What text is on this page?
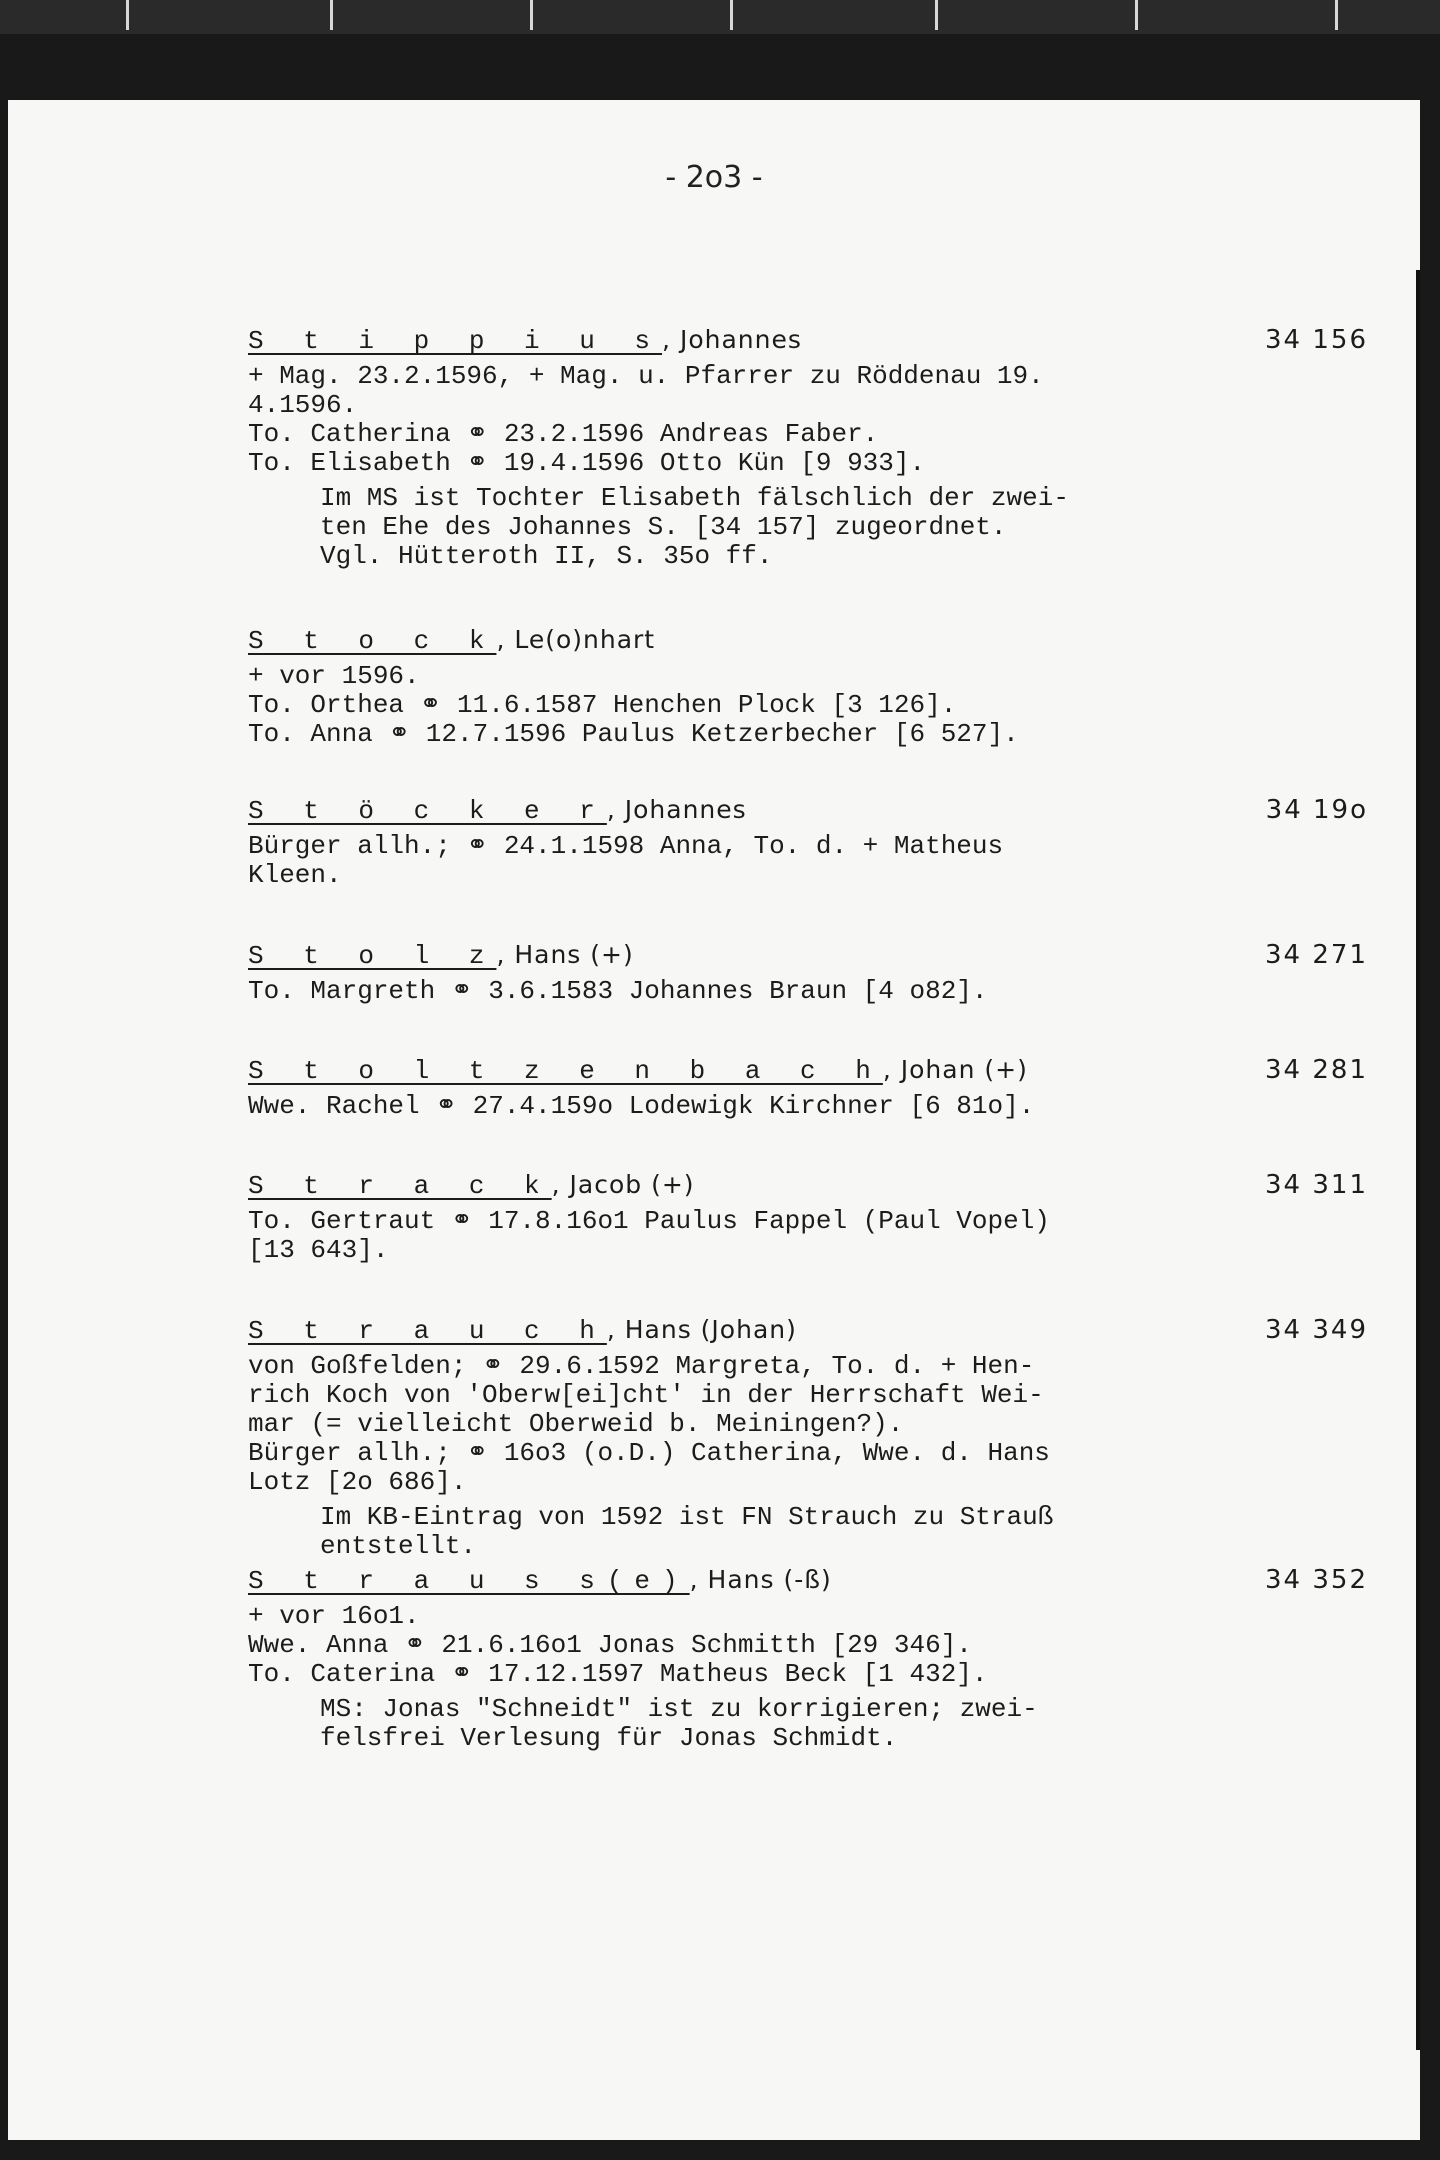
- 2o3 -
S t i p p i u s, Johannes	34 156
+ Mag. 23.2.1596, + Mag. u. Pfarrer zu Röddenau 19.
4.1596.
To. Catherina ⚭ 23.2.1596 Andreas Faber.
To. Elisabeth ⚭ 19.4.1596 Otto Kün [9 933].
Im MS ist Tochter Elisabeth fälschlich der zwei-
ten Ehe des Johannes S. [34 157] zugeordnet.
Vgl. Hütteroth II, S. 35o ff.
S t o c k, Le(o)nhart
+ vor 1596.
To. Orthea ⚭ 11.6.1587 Henchen Plock [3 126].
To. Anna ⚭ 12.7.1596 Paulus Ketzerbecher [6 527].
S t ö c k e r, Johannes	34 19o
Bürger allh.; ⚭ 24.1.1598 Anna, To. d. + Matheus
Kleen.
S t o l z, Hans (+)	34 271
To. Margreth ⚭ 3.6.1583 Johannes Braun [4 o82].
S t o l t z e n b a c h, Johan (+)	34 281
Wwe. Rachel ⚭ 27.4.159o Lodewigk Kirchner [6 81o].
S t r a c k, Jacob (+)	34 311
To. Gertraut ⚭ 17.8.16o1 Paulus Fappel (Paul Vopel)
[13 643].
S t r a u c h, Hans (Johan)	34 349
von Goßfelden; ⚭ 29.6.1592 Margreta, To. d. + Hen-
rich Koch von 'Oberw[ei]cht' in der Herrschaft Wei-
mar (= vielleicht Oberweid b. Meiningen?).
Bürger allh.; ⚭ 16o3 (o.D.) Catherina, Wwe. d. Hans
Lotz [2o 686].
Im KB-Eintrag von 1592 ist FN Strauch zu Strauß
entstellt.
S t r a u s s(e), Hans (-ß)	34 352
+ vor 16o1.
Wwe. Anna ⚭ 21.6.16o1 Jonas Schmitth [29 346].
To. Caterina ⚭ 17.12.1597 Matheus Beck [1 432].
MS: Jonas "Schneidt" ist zu korrigieren; zwei-
felsfrei Verlesung für Jonas Schmidt.
